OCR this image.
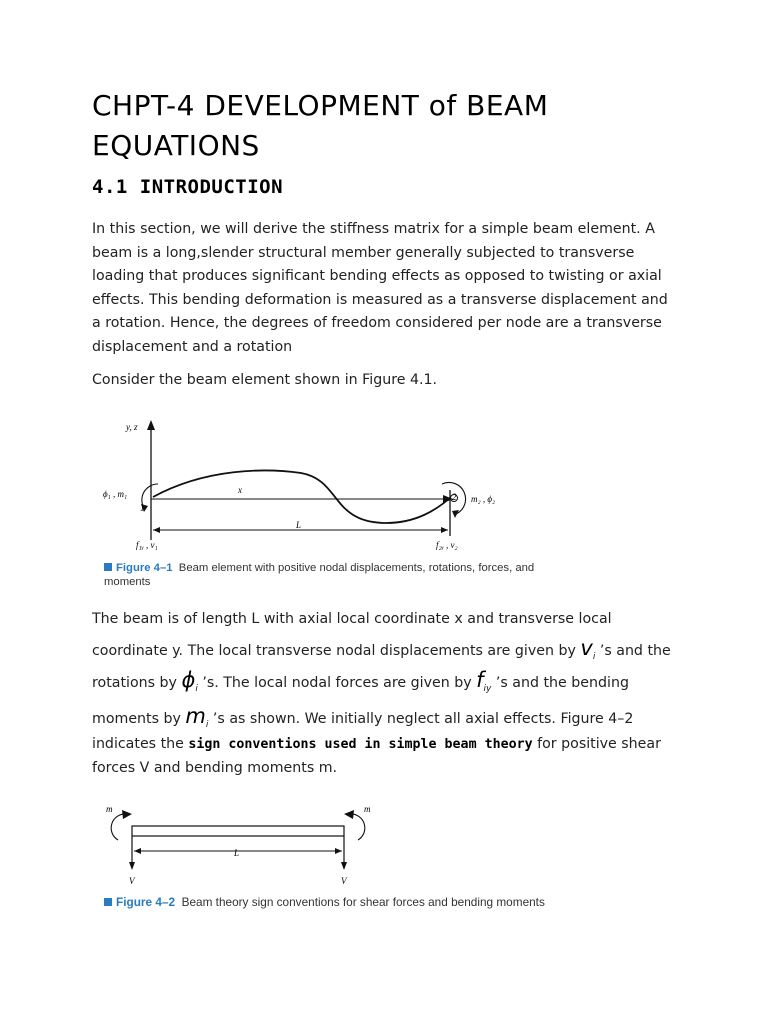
CHPT-4 DEVELOPMENT of BEAM
EQUATIONS
4.1 INTRODUCTION
In this section, we will derive the stiffness matrix for a simple beam element. A
beam is a long,slender structural member generally subjected to transverse
loading that produces significant bending effects as opposed to twisting or axial
effects. This bending deformation is measured as a transverse displacement and
a rotation. Hence, the degrees of freedom considered per node are a transverse
displacement and a rotation
Consider the beam element shown in Figure 4.1.
y, z
ϕ₁ , m₁	x
1
2 m₂ , ϕ₂
L
f₁ᵧ , v₁	f₂ᵧ , v₂
Figure 4–1 Beam element with positive nodal displacements, rotations, forces, and
moments
The beam is of length L with axial local coordinate x and transverse local
coordinate y. The local transverse nodal displacements are given by $v_i$ ’s and the
rotations by $\phi_i$ ’s. The local nodal forces are given by $f_{iy}$ ’s and the bending
moments by $m_i$ ’s as shown. We initially neglect all axial effects. Figure 4–2
indicates the sign conventions used in simple beam theory for positive shear
forces V and bending moments m.
m	m
L
V	V
Figure 4–2 Beam theory sign conventions for shear forces and bending moments
